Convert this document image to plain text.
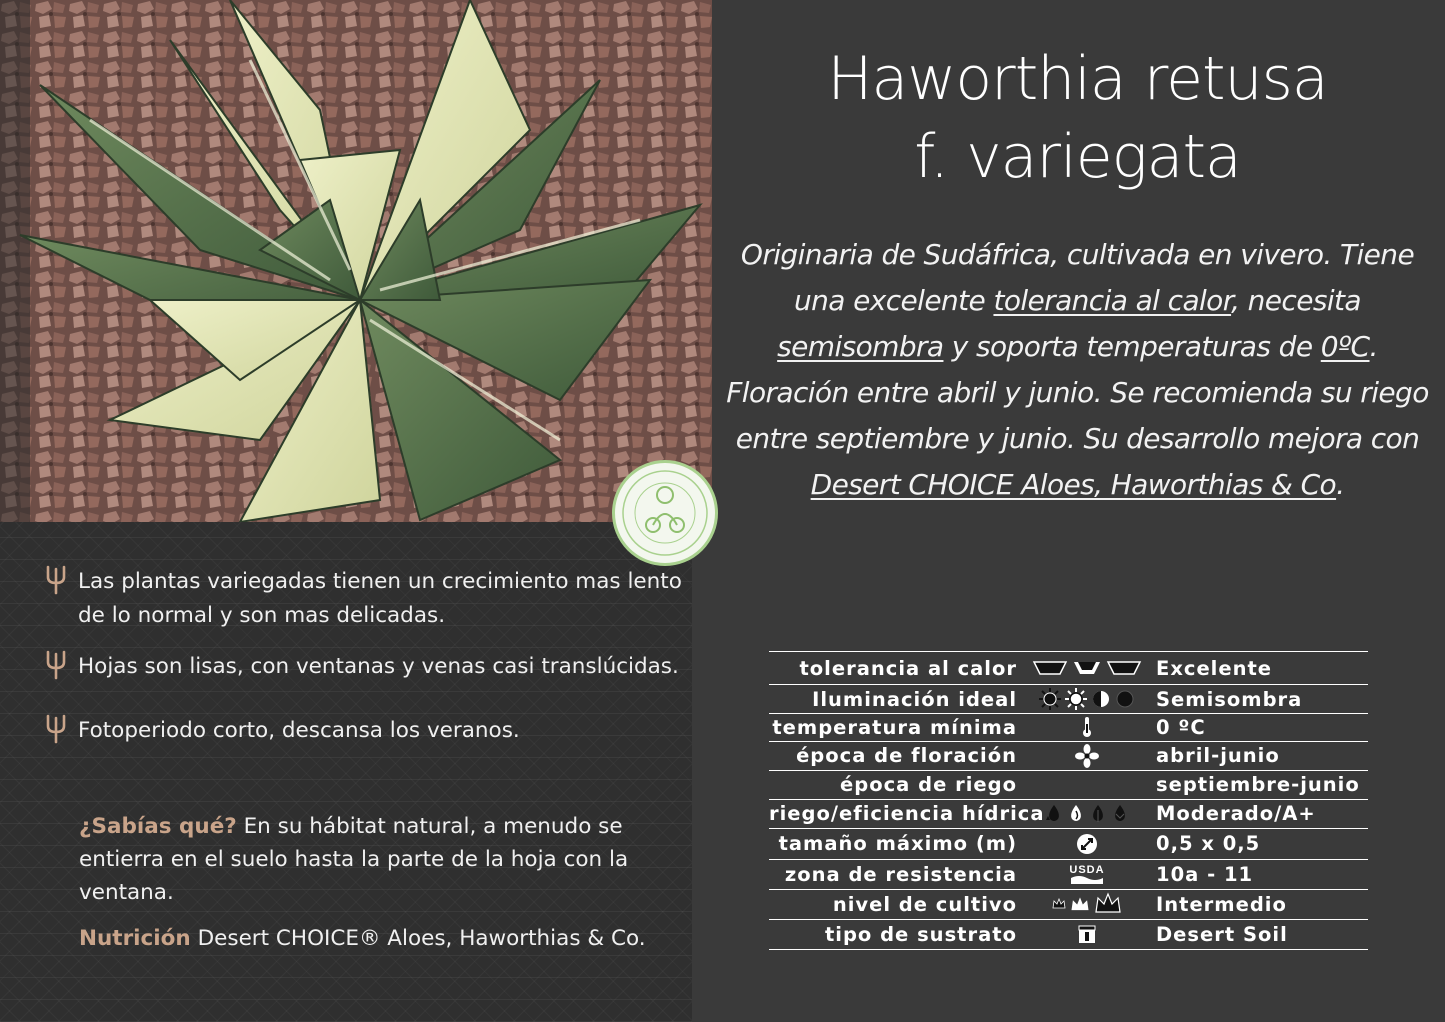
Haworthia retusa
f. variegata
Originaria de Sudáfrica, cultivada en vivero. Tiene una excelente tolerancia al calor, necesita semisombra y soporta temperaturas de 0ºC. Floración entre abril y junio. Se recomienda su riego entre septiembre y junio. Su desarrollo mejora con Desert CHOICE Aloes, Haworthias & Co.
Las plantas variegadas tienen un crecimiento mas lento de lo normal y son mas delicadas.
Hojas son lisas, con ventanas y venas casi translúcidas.
Fotoperiodo corto, descansa los veranos.
¿Sabías qué? En su hábitat natural, a menudo se entierra en el suelo hasta la parte de la hoja con la ventana.
Nutrición Desert CHOICE® Aloes, Haworthias & Co.
tolerancia al calor	Excelente
Iluminación ideal	Semisombra
temperatura mínima	0 ºC
época de floración	abril-junio
época de riego	septiembre-junio
riego/eficiencia hídrica	Moderado/A+
tamaño máximo (m)	0,5 x 0,5
zona de resistencia	USDA	10a - 11
nivel de cultivo	Intermedio
tipo de sustrato	Desert Soil
